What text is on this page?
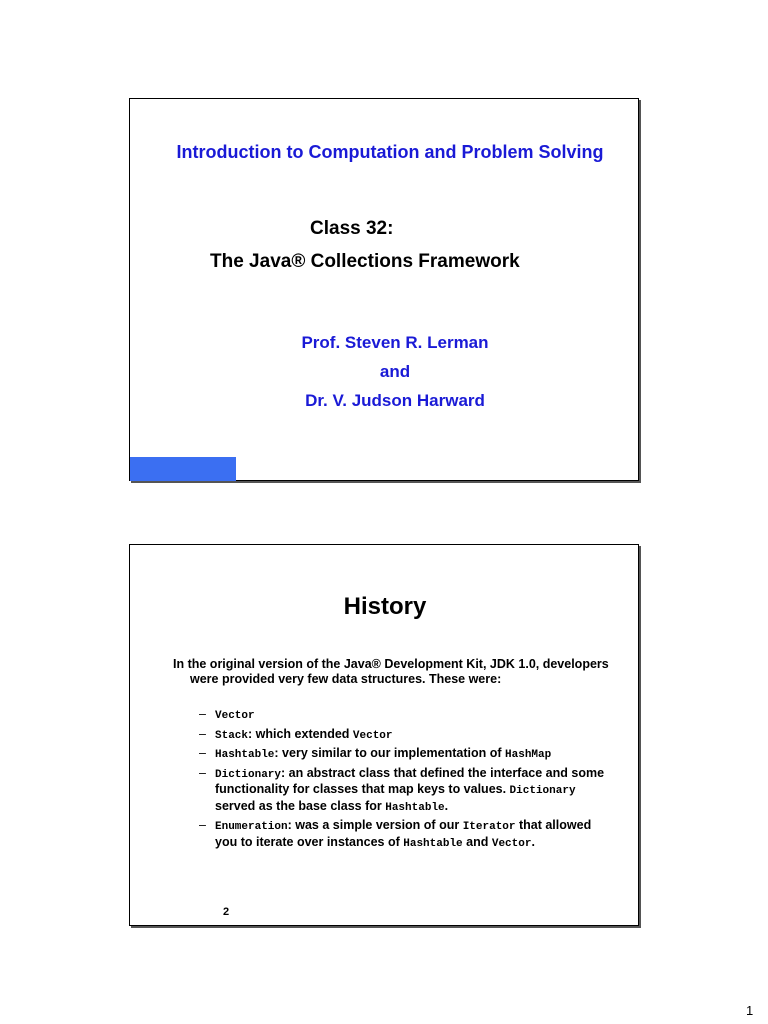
Introduction to Computation and Problem Solving
Class 32:
The Java® Collections Framework
Prof. Steven R. Lerman
and
Dr. V. Judson Harward
History
In the original version of the Java® Development Kit, JDK 1.0, developers were provided very few data structures. These were:
– Vector
– Stack: which extended Vector
– Hashtable: very similar to our implementation of HashMap
– Dictionary: an abstract class that defined the interface and some functionality for classes that map keys to values. Dictionary served as the base class for Hashtable.
– Enumeration: was a simple version of our Iterator that allowed you to iterate over instances of Hashtable and Vector.
2
1
